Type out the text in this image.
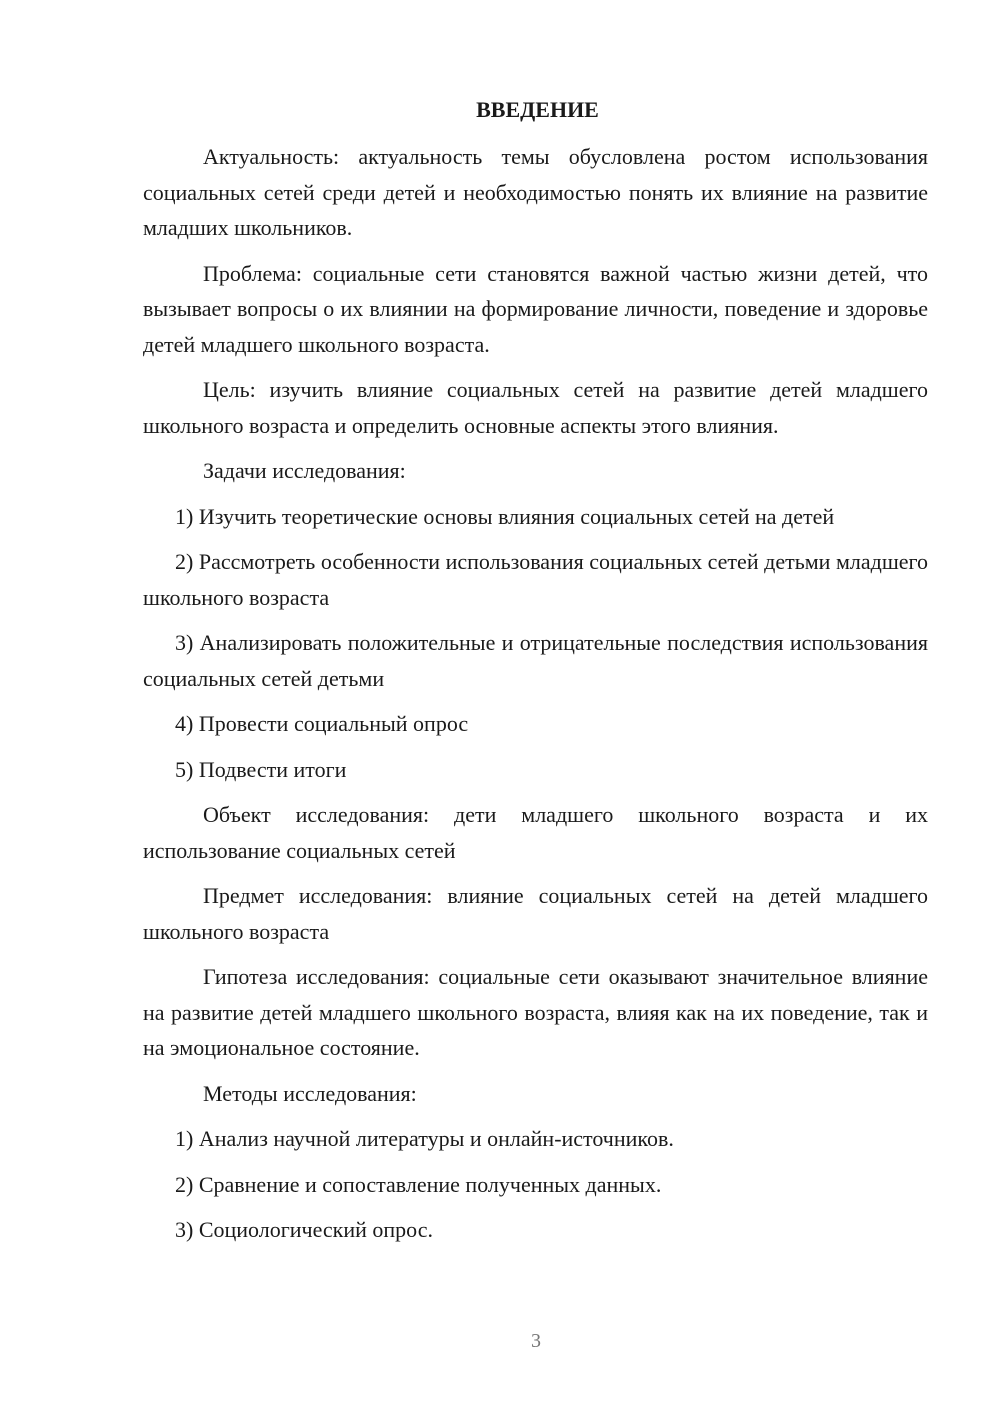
ВВЕДЕНИЕ

Актуальность: актуальность темы обусловлена ростом использования социальных сетей среди детей и необходимостью понять их влияние на развитие младших школьников.

Проблема: социальные сети становятся важной частью жизни детей, что вызывает вопросы о их влиянии на формирование личности, поведение и здоровье детей младшего школьного возраста.

Цель: изучить влияние социальных сетей на развитие детей младшего школьного возраста и определить основные аспекты этого влияния.

Задачи исследования:

1) Изучить теоретические основы влияния социальных сетей на детей

2) Рассмотреть особенности использования социальных сетей детьми младшего школьного возраста

3) Анализировать положительные и отрицательные последствия использования социальных сетей детьми

4) Провести социальный опрос

5) Подвести итоги

Объект исследования: дети младшего школьного возраста и их использование социальных сетей

Предмет исследования: влияние социальных сетей на детей младшего школьного возраста

Гипотеза исследования: социальные сети оказывают значительное влияние на развитие детей младшего школьного возраста, влияя как на их поведение, так и на эмоциональное состояние.

Методы исследования:

1) Анализ научной литературы и онлайн-источников.

2) Сравнение и сопоставление полученных данных.

3) Социологический опрос.

3
